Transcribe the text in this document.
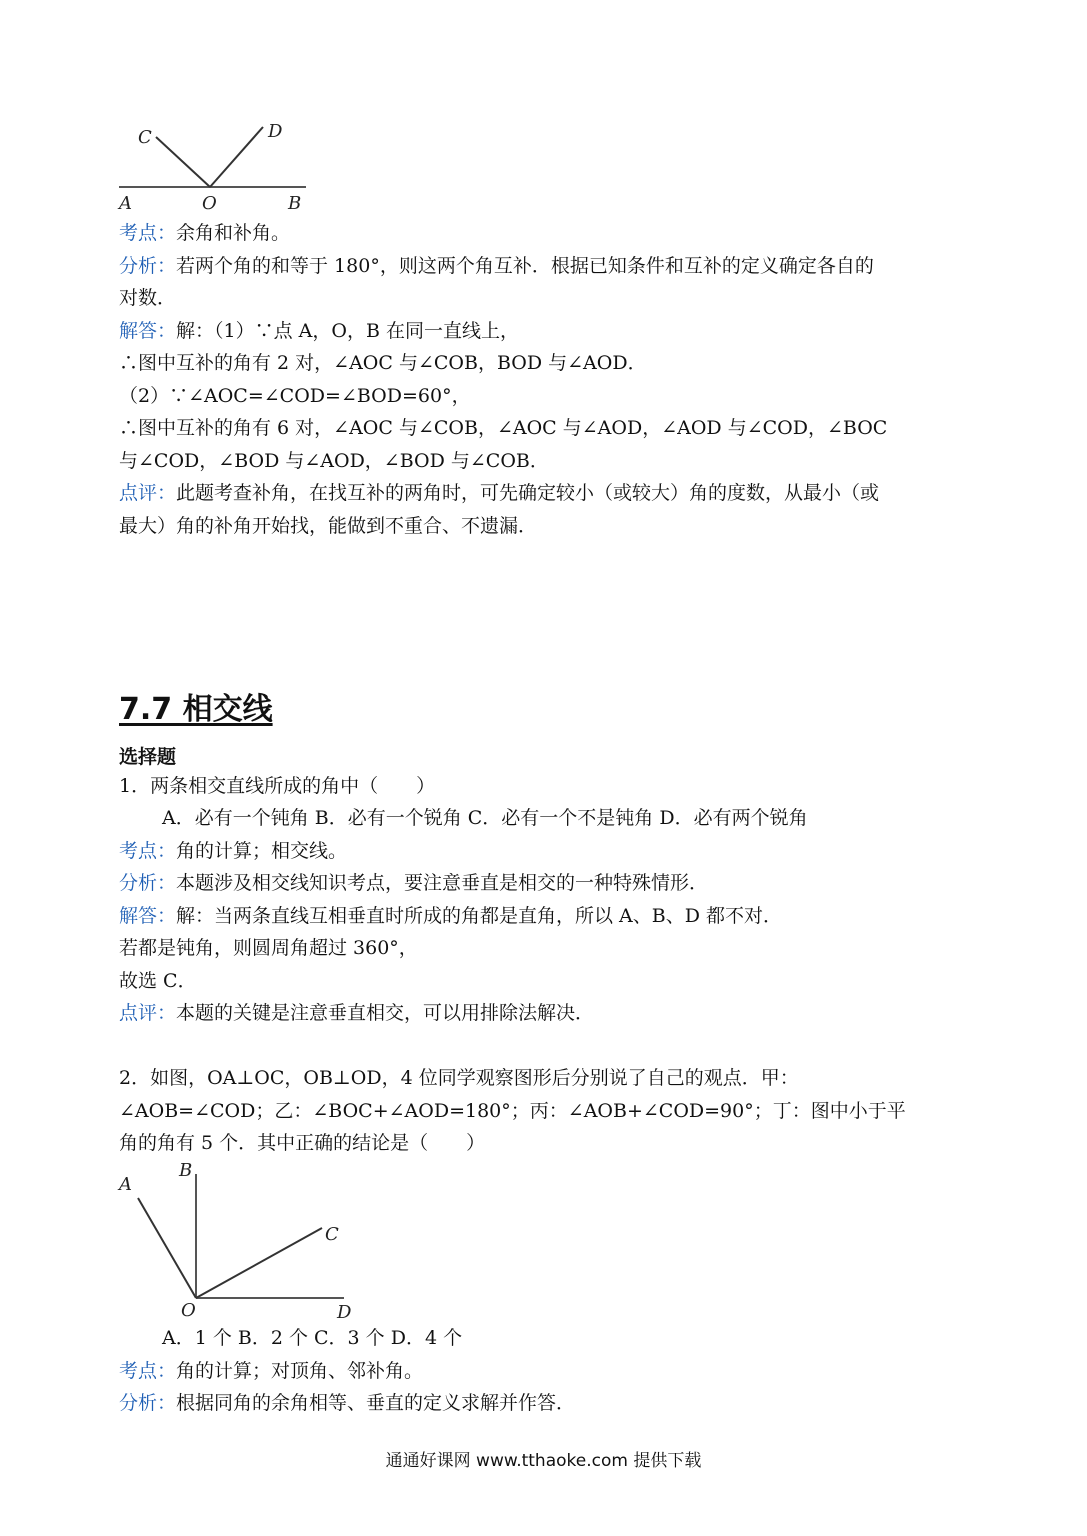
C	D
A	O	B
考点：余角和补角。
分析：若两个角的和等于 180°，则这两个角互补．根据已知条件和互补的定义确定各自的
对数．
解答：解：（1）∵点 A，O，B 在同一直线上，
∴图中互补的角有 2 对，∠AOC 与∠COB，BOD 与∠AOD．
（2）∵∠AOC=∠COD=∠BOD=60°，
∴图中互补的角有 6 对，∠AOC 与∠COB，∠AOC 与∠AOD，∠AOD 与∠COD，∠BOC
与∠COD，∠BOD 与∠AOD，∠BOD 与∠COB．
点评：此题考查补角，在找互补的两角时，可先确定较小（或较大）角的度数，从最小（或
最大）角的补角开始找，能做到不重合、不遗漏．
7.7 相交线
选择题
1．两条相交直线所成的角中（　　）
A．必有一个钝角 B．必有一个锐角 C．必有一个不是钝角 D．必有两个锐角
考点：角的计算；相交线。
分析：本题涉及相交线知识考点，要注意垂直是相交的一种特殊情形．
解答：解：当两条直线互相垂直时所成的角都是直角，所以 A、B、D 都不对．
若都是钝角，则圆周角超过 360°，
故选 C．
点评：本题的关键是注意垂直相交，可以用排除法解决．
2．如图，OA⊥OC，OB⊥OD，4 位同学观察图形后分别说了自己的观点．甲：
∠AOB=∠COD；乙：∠BOC+∠AOD=180°；丙：∠AOB+∠COD=90°；丁：图中小于平
角的角有 5 个．其中正确的结论是（　　）
A
B
C
O	D
A．1 个 B．2 个 C．3 个 D．4 个
考点：角的计算；对顶角、邻补角。
分析：根据同角的余角相等、垂直的定义求解并作答．
通通好课网 www.tthaoke.com 提供下载
